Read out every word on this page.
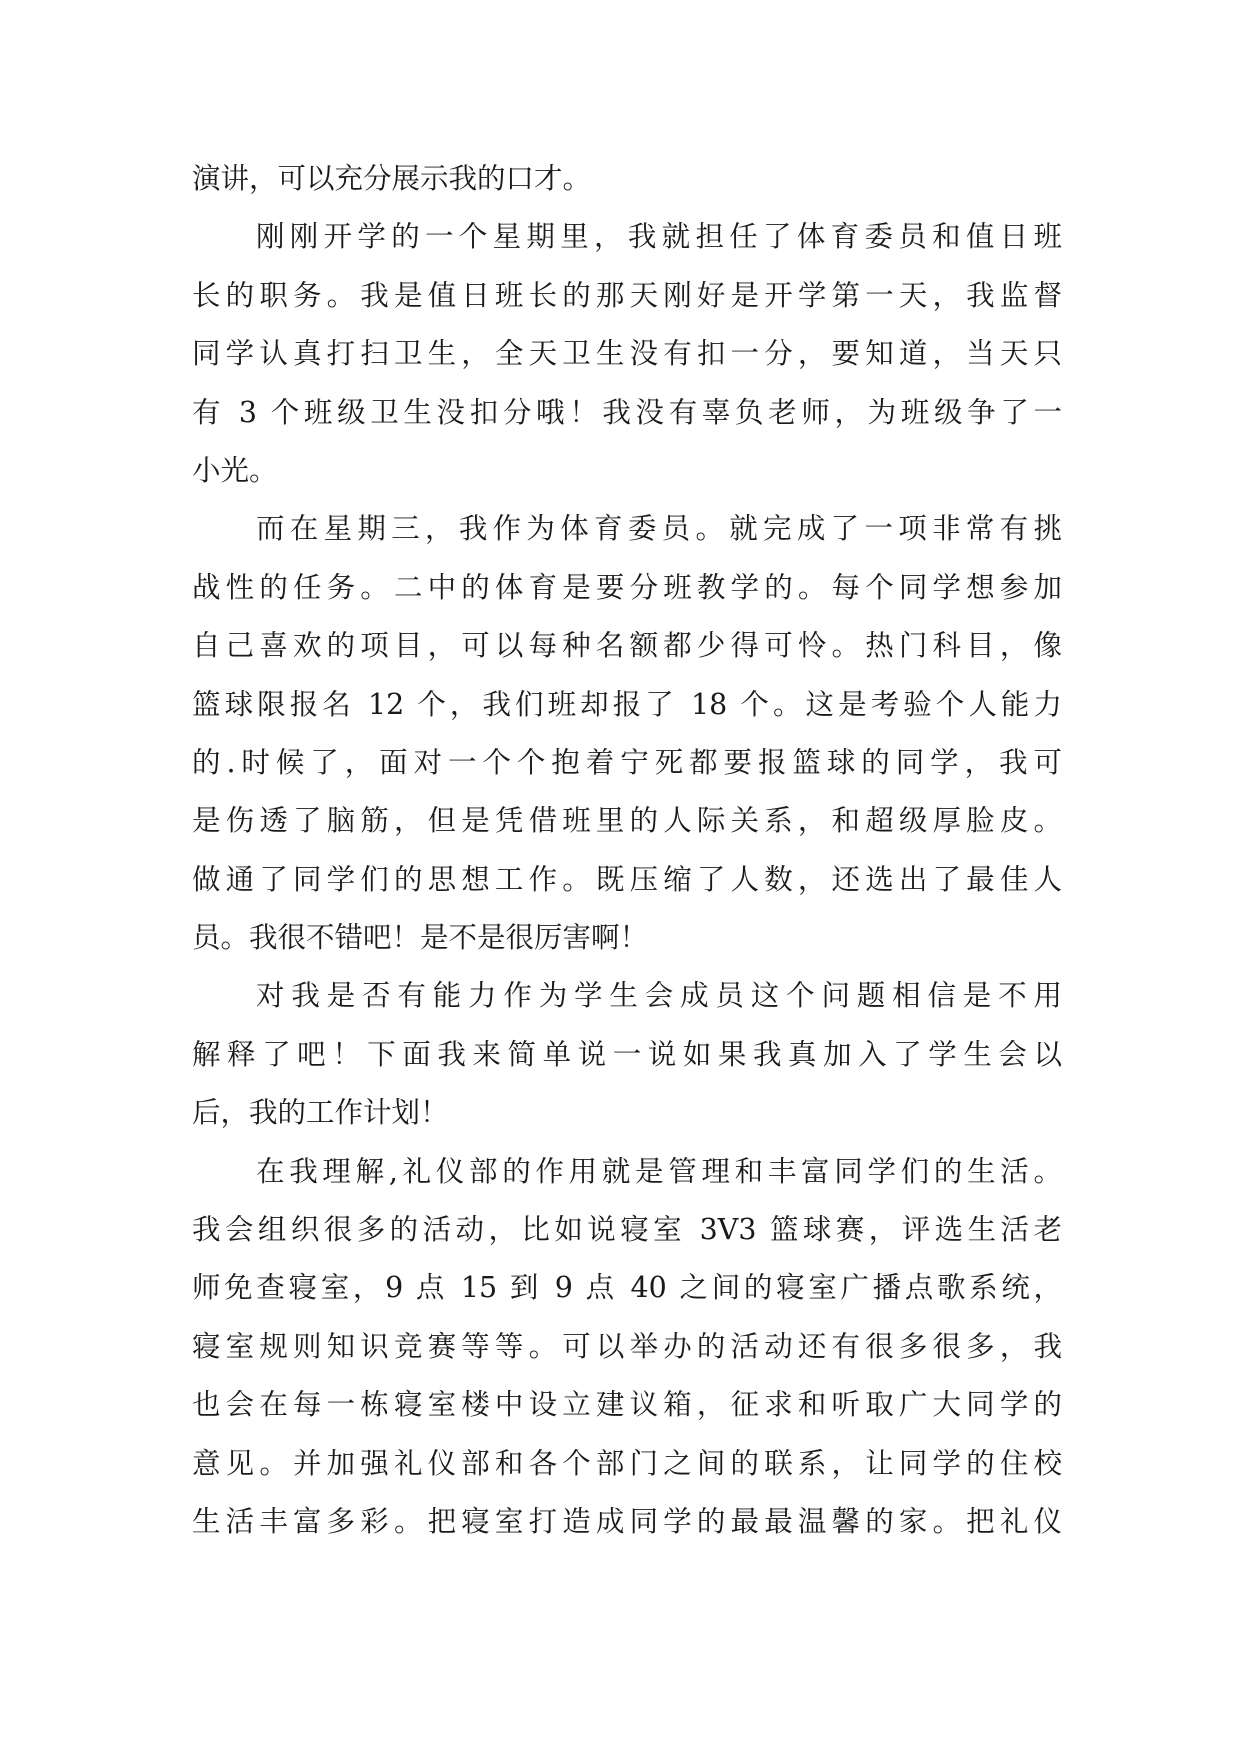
演讲，可以充分展示我的口才。
刚刚开学的一个星期里，我就担任了体育委员和值日班
长的职务。我是值日班长的那天刚好是开学第一天，我监督
同学认真打扫卫生，全天卫生没有扣一分，要知道，当天只
有 3 个班级卫生没扣分哦！我没有辜负老师，为班级争了一
小光。
而在星期三，我作为体育委员。就完成了一项非常有挑
战性的任务。二中的体育是要分班教学的。每个同学想参加
自己喜欢的项目，可以每种名额都少得可怜。热门科目，像
篮球限报名 12 个，我们班却报了 18 个。这是考验个人能力
的.时候了，面对一个个抱着宁死都要报篮球的同学，我可
是伤透了脑筋，但是凭借班里的人际关系，和超级厚脸皮。
做通了同学们的思想工作。既压缩了人数，还选出了最佳人
员。我很不错吧！是不是很厉害啊！
对我是否有能力作为学生会成员这个问题相信是不用
解释了吧！下面我来简单说一说如果我真加入了学生会以
后，我的工作计划！
在我理解,礼仪部的作用就是管理和丰富同学们的生活。
我会组织很多的活动，比如说寝室 3V3 篮球赛，评选生活老
师免查寝室，9 点 15 到 9 点 40 之间的寝室广播点歌系统，
寝室规则知识竞赛等等。可以举办的活动还有很多很多，我
也会在每一栋寝室楼中设立建议箱，征求和听取广大同学的
意见。并加强礼仪部和各个部门之间的联系，让同学的住校
生活丰富多彩。把寝室打造成同学的最最温馨的家。把礼仪
